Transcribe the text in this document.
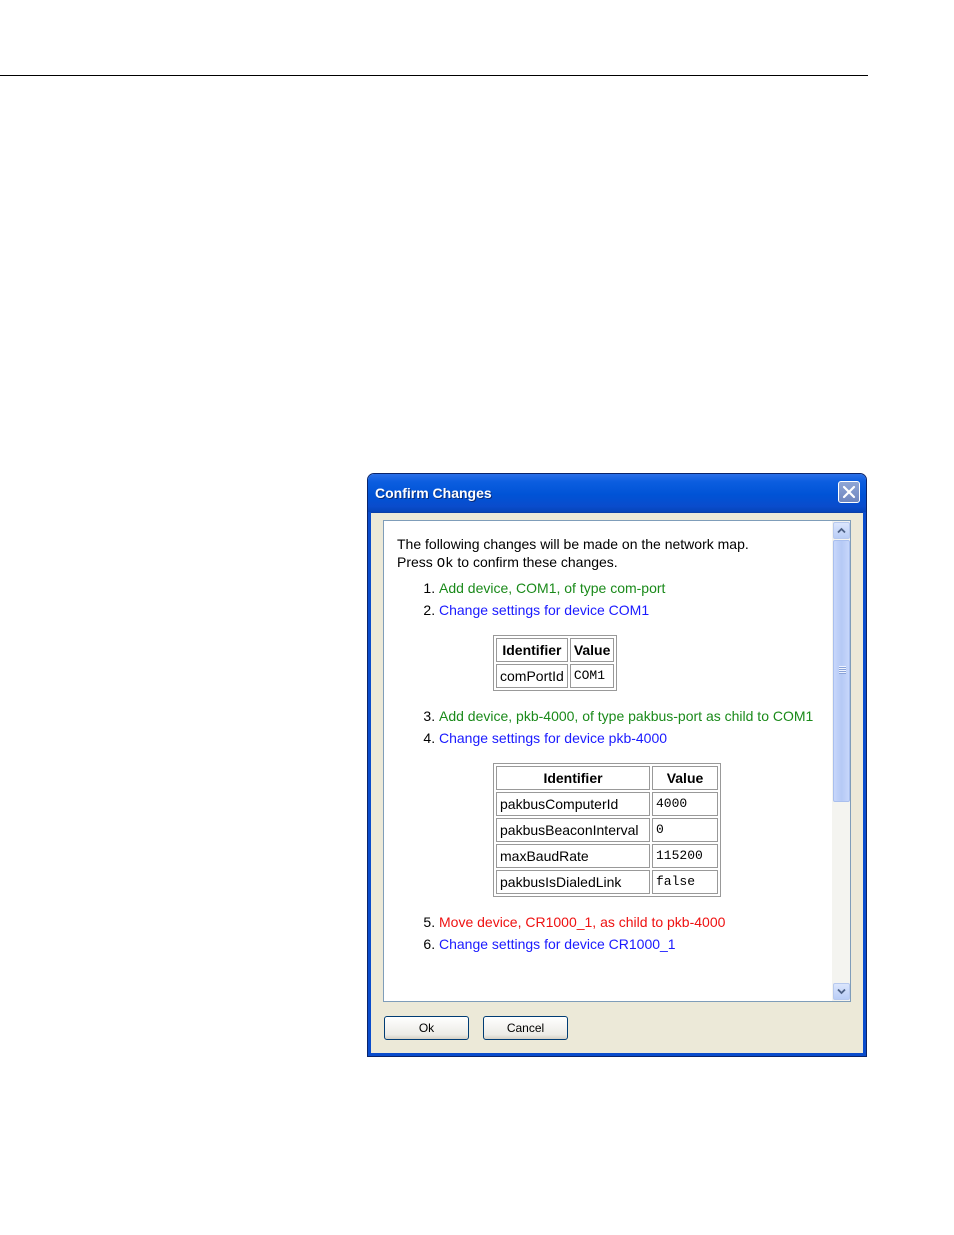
Confirm Changes
The following changes will be made on the network map.
Press Ok to confirm these changes.
1. Add device, COM1, of type com-port
2. Change settings for device COM1
Identifier	Value
comPortId	COM1
3. Add device, pkb-4000, of type pakbus-port as child to COM1
4. Change settings for device pkb-4000
Identifier	Value
pakbusComputerId	4000
pakbusBeaconInterval	0
maxBaudRate	115200
pakbusIsDialedLink	false
5. Move device, CR1000_1, as child to pkb-4000
6. Change settings for device CR1000_1
Ok	Cancel
